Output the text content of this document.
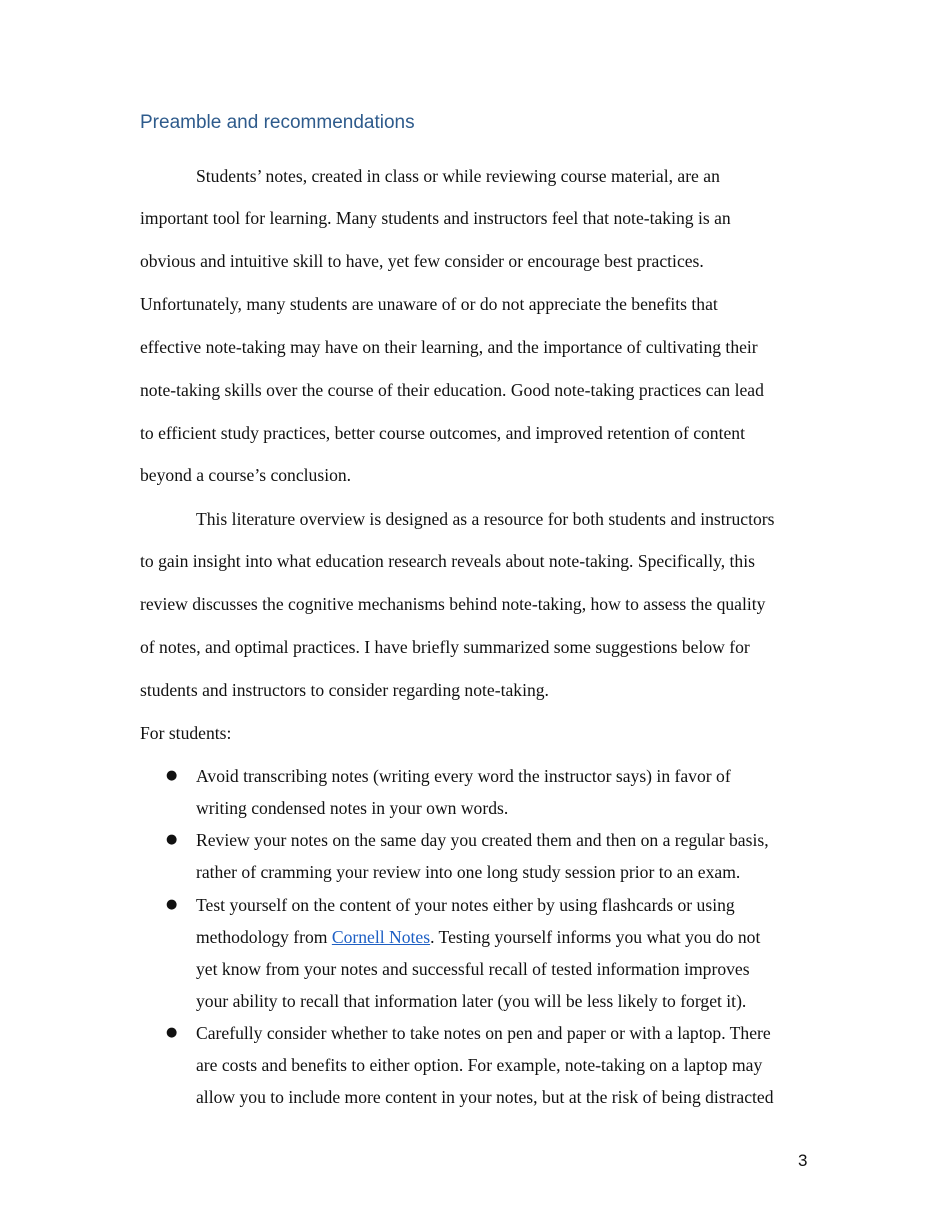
Preamble and recommendations
Students’ notes, created in class or while reviewing course material, are an
important tool for learning. Many students and instructors feel that note-taking is an
obvious and intuitive skill to have, yet few consider or encourage best practices.
Unfortunately, many students are unaware of or do not appreciate the benefits that
effective note-taking may have on their learning, and the importance of cultivating their
note-taking skills over the course of their education. Good note-taking practices can lead
to efficient study practices, better course outcomes, and improved retention of content
beyond a course’s conclusion.
This literature overview is designed as a resource for both students and instructors
to gain insight into what education research reveals about note-taking. Specifically, this
review discusses the cognitive mechanisms behind note-taking, how to assess the quality
of notes, and optimal practices. I have briefly summarized some suggestions below for
students and instructors to consider regarding note-taking.
For students:
● Avoid transcribing notes (writing every word the instructor says) in favor of
writing condensed notes in your own words.
● Review your notes on the same day you created them and then on a regular basis,
rather of cramming your review into one long study session prior to an exam.
● Test yourself on the content of your notes either by using flashcards or using
methodology from Cornell Notes. Testing yourself informs you what you do not
yet know from your notes and successful recall of tested information improves
your ability to recall that information later (you will be less likely to forget it).
● Carefully consider whether to take notes on pen and paper or with a laptop. There
are costs and benefits to either option. For example, note-taking on a laptop may
allow you to include more content in your notes, but at the risk of being distracted
3
